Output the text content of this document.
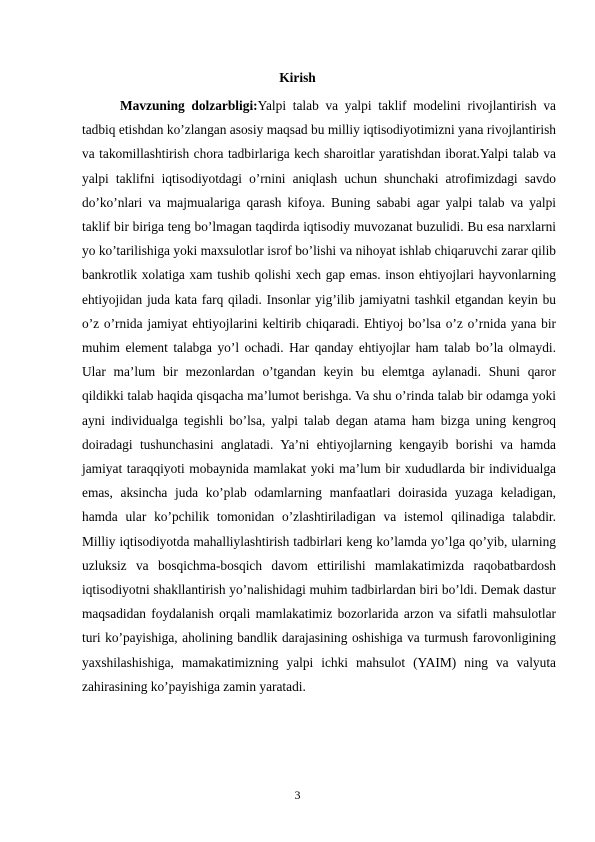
Kirish

Mavzuning dolzarbligi:Yalpi talab va yalpi taklif modelini rivojlantirish va tadbiq etishdan ko’zlangan asosiy maqsad bu milliy iqtisodiyotimizni yana rivojlantirish va takomillashtirish chora tadbirlariga kech sharoitlar yaratishdan iborat.Yalpi talab va yalpi taklifni iqtisodiyotdagi o’rnini aniqlash uchun shunchaki atrofimizdagi savdo do’ko’nlari va majmualariga qarash kifoya. Buning sababi agar yalpi talab va yalpi taklif bir biriga teng bo’lmagan taqdirda iqtisodiy muvozanat buzulidi. Bu esa narxlarni yo ko’tarilishiga yoki maxsulotlar isrof bo’lishi va nihoyat ishlab chiqaruvchi zarar qilib bankrotlik xolatiga xam tushib qolishi xech gap emas. inson ehtiyojlari hayvonlarning ehtiyojidan juda kata farq qiladi. Insonlar yig’ilib jamiyatni tashkil etgandan keyin bu o’z o’rnida jamiyat ehtiyojlarini keltirib chiqaradi. Ehtiyoj bo’lsa o’z o’rnida yana bir muhim element talabga yo’l ochadi. Har qanday ehtiyojlar ham talab bo’la olmaydi. Ular ma’lum bir mezonlardan o’tgandan keyin bu elemtga aylanadi. Shuni qaror qildikki talab haqida qisqacha ma’lumot berishga. Va shu o’rinda talab bir odamga yoki ayni individualga tegishli bo’lsa, yalpi talab degan atama ham bizga uning kengroq doiradagi tushunchasini anglatadi. Ya’ni ehtiyojlarning kengayib borishi va hamda jamiyat taraqqiyoti mobaynida mamlakat yoki ma’lum bir xududlarda bir individualga emas, aksincha juda ko’plab odamlarning manfaatlari doirasida yuzaga keladigan, hamda ular ko’pchilik tomonidan o’zlashtiriladigan va istemol qilinadiga talabdir. Milliy iqtisodiyotda mahalliylashtirish tadbirlari keng ko’lamda yo’lga qo’yib, ularning uzluksiz va bosqichma-bosqich davom ettirilishi mamlakatimizda raqobatbardosh iqtisodiyotni shakllantirish yo’nalishidagi muhim tadbirlardan biri bo’ldi. Demak dastur maqsadidan foydalanish orqali mamlakatimiz bozorlarida arzon va sifatli mahsulotlar turi ko’payishiga, aholining bandlik darajasining oshishiga va turmush farovonligining yaxshilashishiga, mamakatimizning yalpi ichki mahsulot (YAIM) ning va valyuta zahirasining ko’payishiga zamin yaratadi.

3
